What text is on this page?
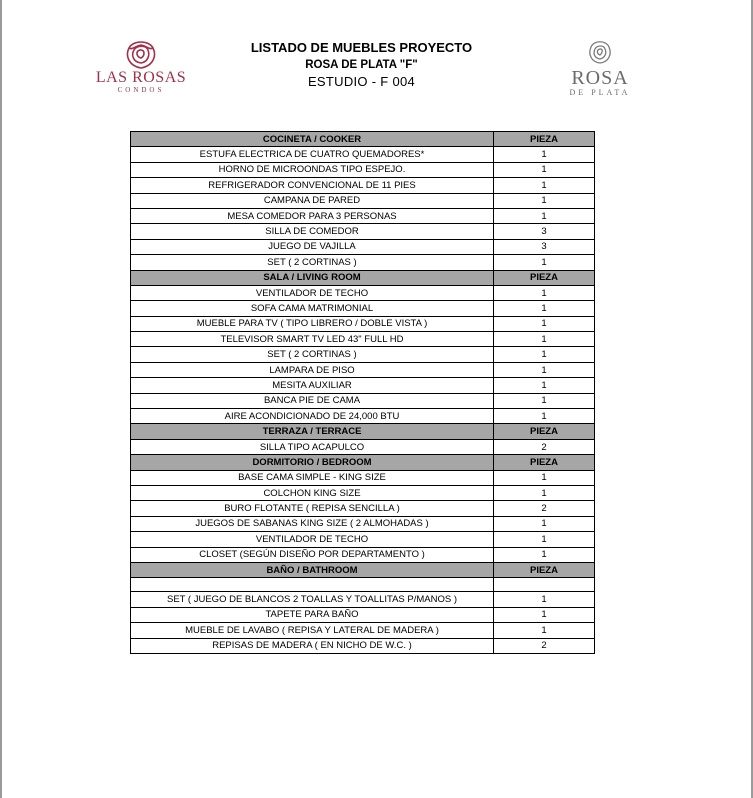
LAS ROSAS
CONDOS
LISTADO DE MUEBLES PROYECTO
ROSA DE PLATA "F"
ESTUDIO - F 004	ROSA
DE PLATA
COCINETA / COOKER	PIEZA
ESTUFA ELECTRICA DE CUATRO QUEMADORES*	1
HORNO DE MICROONDAS TIPO ESPEJO.	1
REFRIGERADOR CONVENCIONAL DE 11 PIES	1
CAMPANA DE PARED	1
MESA COMEDOR PARA 3 PERSONAS	1
SILLA DE COMEDOR	3
JUEGO DE VAJILLA	3
SET ( 2 CORTINAS )	1
SALA / LIVING ROOM	PIEZA
VENTILADOR DE TECHO	1
SOFA CAMA MATRIMONIAL	1
MUEBLE PARA TV ( TIPO LIBRERO / DOBLE VISTA )	1
TELEVISOR SMART TV LED 43" FULL HD	1
SET ( 2 CORTINAS )	1
LAMPARA DE PISO	1
MESITA AUXILIAR	1
BANCA PIE DE CAMA	1
AIRE ACONDICIONADO DE 24,000 BTU	1
TERRAZA / TERRACE	PIEZA
SILLA TIPO ACAPULCO	2
DORMITORIO / BEDROOM	PIEZA
BASE CAMA SIMPLE - KING SIZE	1
COLCHON KING SIZE	1
BURO FLOTANTE ( REPISA SENCILLA )	2
JUEGOS DE SABANAS KING SIZE ( 2 ALMOHADAS )	1
VENTILADOR DE TECHO	1
CLOSET (SEGÚN DISEÑO POR DEPARTAMENTO )	1
BAÑO / BATHROOM	PIEZA

SET ( JUEGO DE BLANCOS 2 TOALLAS Y TOALLITAS P/MANOS )	1
TAPETE PARA BAÑO	1
MUEBLE DE LAVABO ( REPISA Y LATERAL DE MADERA )	1
REPISAS DE MADERA ( EN NICHO DE W.C. )	2
